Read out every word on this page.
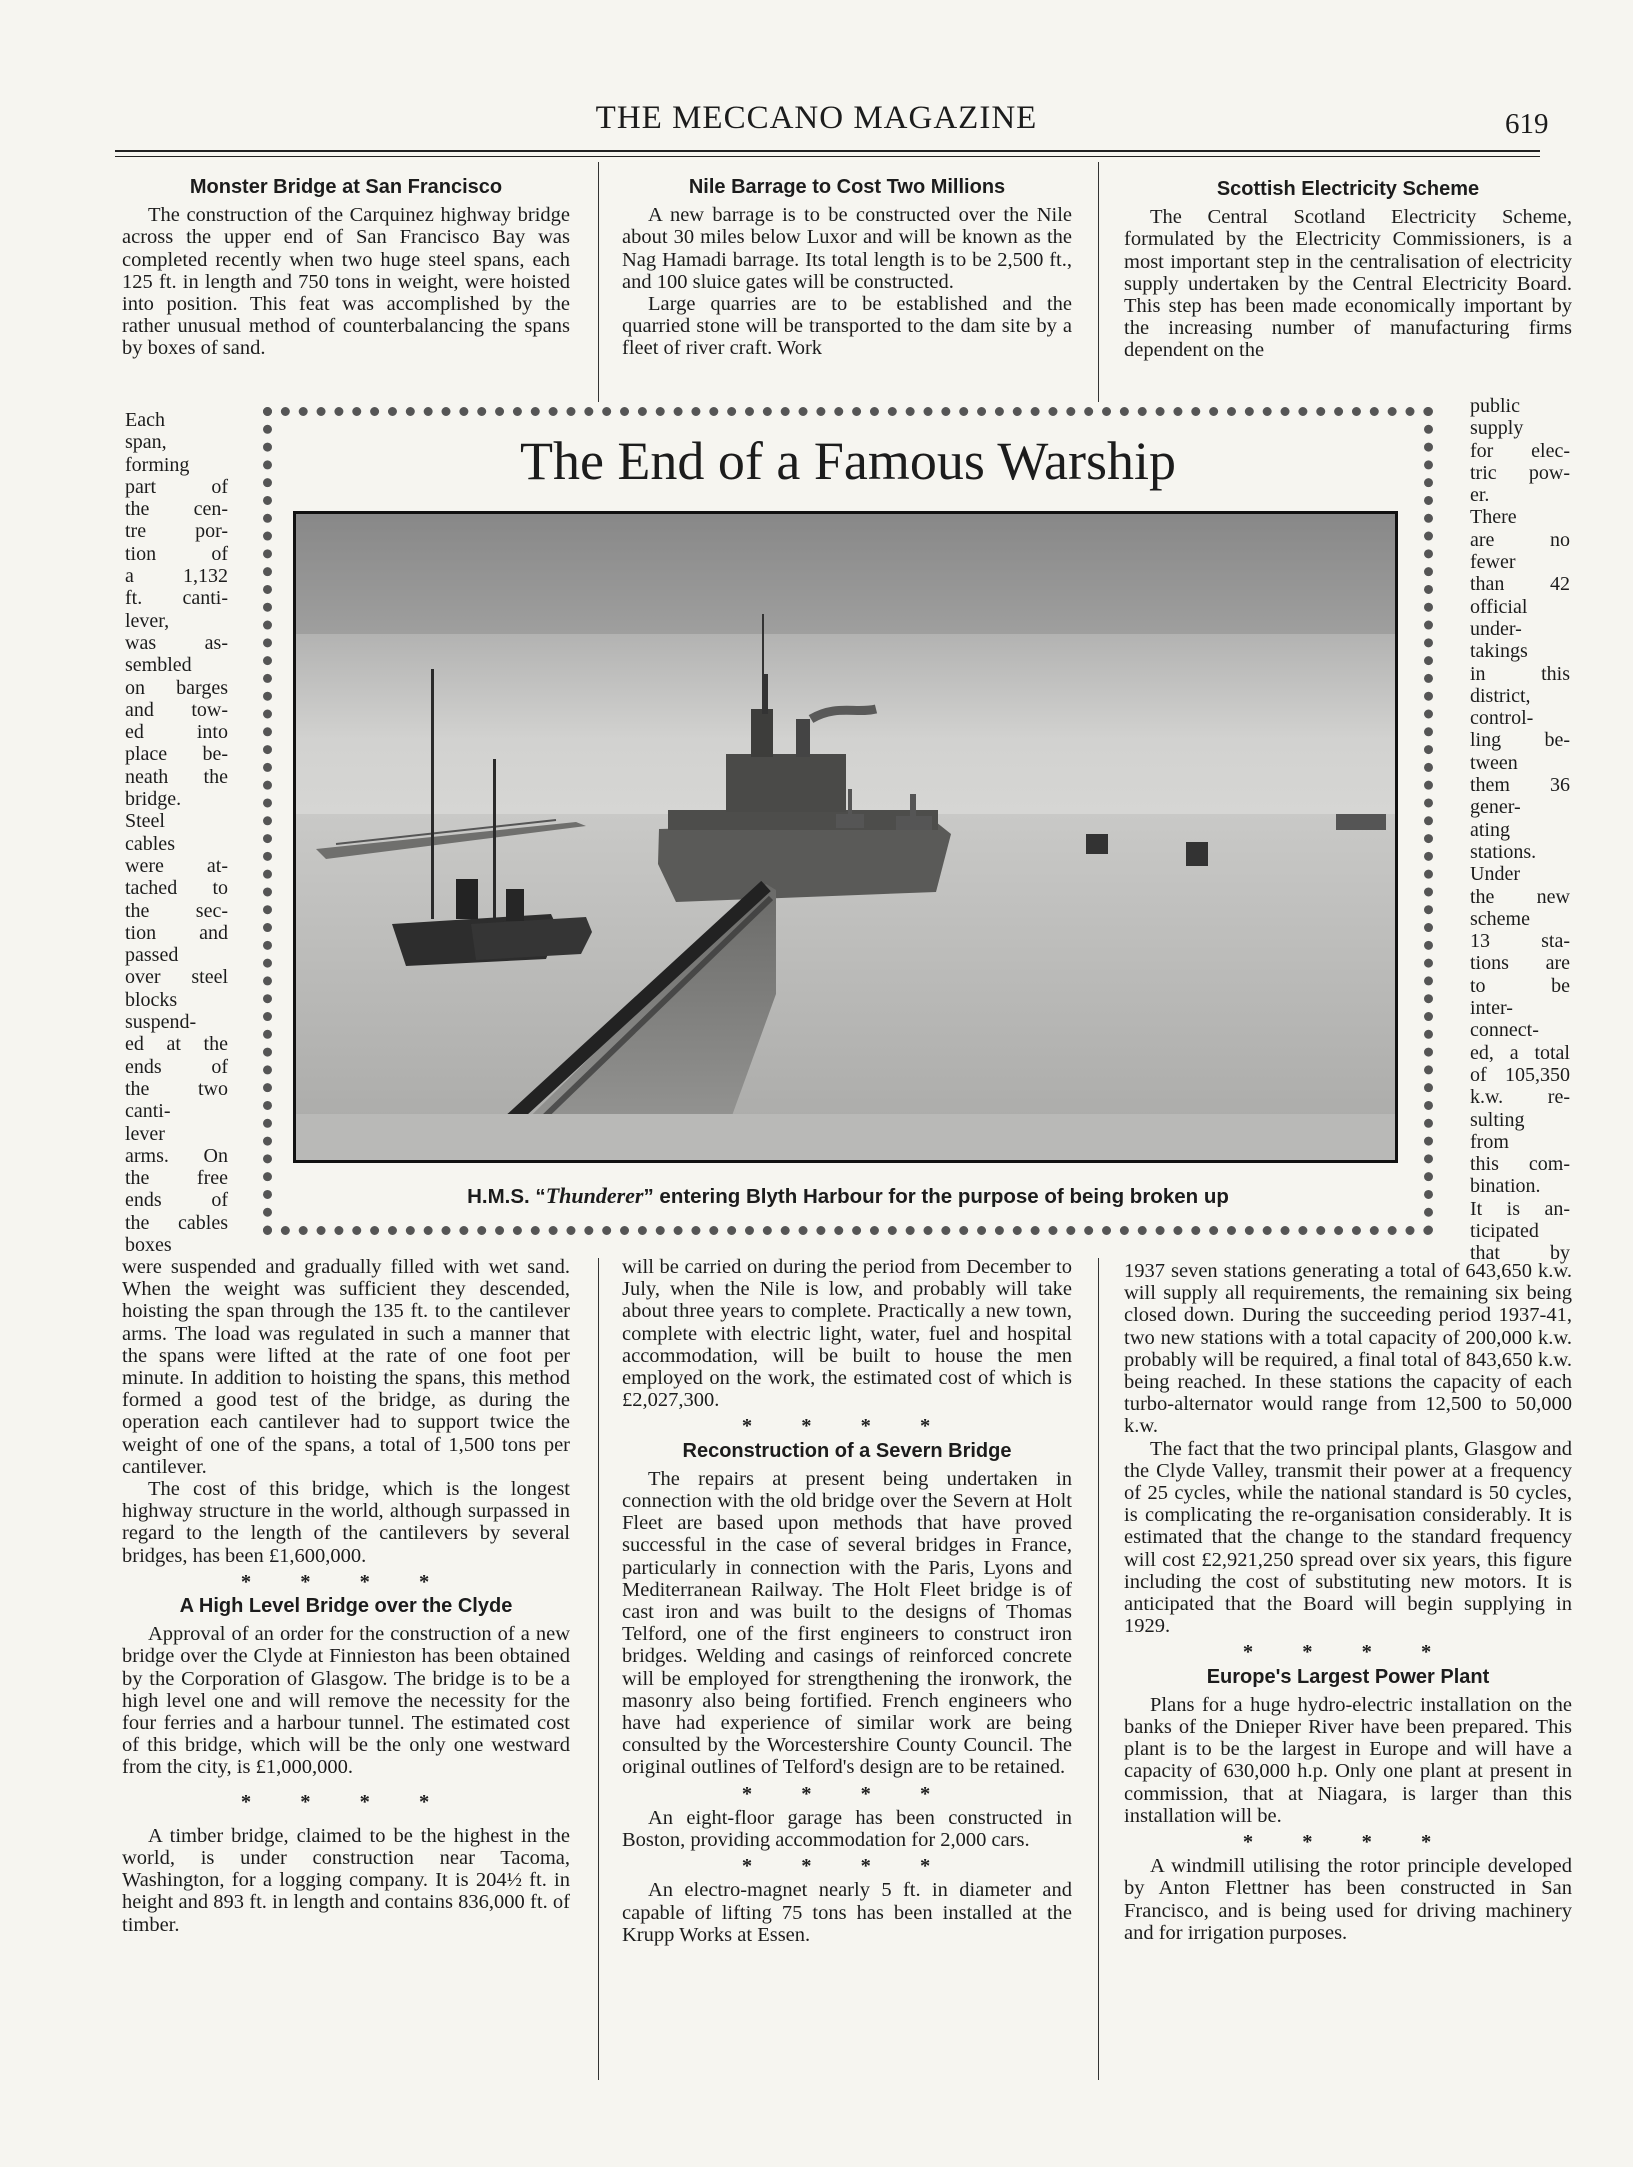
THE MECCANO MAGAZINE	619

Monster Bridge at San Francisco

The construction of the Carquinez highway bridge across the upper end of San Francisco Bay was completed recently when two huge steel spans, each 125 ft. in length and 750 tons in weight, were hoisted into position. This feat was accomplished by the rather unusual method of counterbalancing the spans by boxes of sand.

Each

span,

forming

part of

the cen-

tre por-

tion of

a 1,132

ft. canti-

lever,

was as-

sembled

on barges

and tow-

ed into

place be-

neath the

bridge.

Steel

cables

were at-

tached to

the sec-

tion and

passed

over steel

blocks

suspend-

ed at the

ends of

the two

canti-

lever

arms. On

the free

ends of

the cables

boxes

were suspended and gradually filled with wet sand. When the weight was sufficient they descended, hoisting the span through the 135 ft. to the cantilever arms. The load was regulated in such a manner that the spans were lifted at the rate of one foot per minute. In addition to hoisting the spans, this method formed a good test of the bridge, as during the operation each cantilever had to support twice the weight of one of the spans, a total of 1,500 tons per cantilever.

The cost of this bridge, which is the longest highway structure in the world, although surpassed in regard to the length of the cantilevers by several bridges, has been £1,600,000.

* * * *

A High Level Bridge over the Clyde

Approval of an order for the construction of a new bridge over the Clyde at Finnieston has been obtained by the Corporation of Glasgow. The bridge is to be a high level one and will remove the necessity for the four ferries and a harbour tunnel. The estimated cost of this bridge, which will be the only one westward from the city, is £1,000,000.

* * * *

A timber bridge, claimed to be the highest in the world, is under construction near Tacoma, Washington, for a logging company. It is 204½ ft. in height and 893 ft. in length and contains 836,000 ft. of timber.

Nile Barrage to Cost Two Millions

A new barrage is to be constructed over the Nile about 30 miles below Luxor and will be known as the Nag Hamadi barrage. Its total length is to be 2,500 ft., and 100 sluice gates will be constructed.

Large quarries are to be established and the quarried stone will be transported to the dam site by a fleet of river craft. Work

will be carried on during the period from December to July, when the Nile is low, and probably will take about three years to complete. Practically a new town, complete with electric light, water, fuel and hospital accommodation, will be built to house the men employed on the work, the estimated cost of which is £2,027,300.

* * * *

Reconstruction of a Severn Bridge

The repairs at present being undertaken in connection with the old bridge over the Severn at Holt Fleet are based upon methods that have proved successful in the case of several bridges in France, particularly in connection with the Paris, Lyons and Mediterranean Railway. The Holt Fleet bridge is of cast iron and was built to the designs of Thomas Telford, one of the first engineers to construct iron bridges. Welding and casings of reinforced concrete will be employed for strengthening the ironwork, the masonry also being fortified. French engineers who have had experience of similar work are being consulted by the Worcestershire County Council. The original outlines of Telford's design are to be retained.

* * * *

An eight-floor garage has been constructed in Boston, providing accommodation for 2,000 cars.

* * * *

An electro-magnet nearly 5 ft. in diameter and capable of lifting 75 tons has been installed at the Krupp Works at Essen.

Scottish Electricity Scheme

The Central Scotland Electricity Scheme, formulated by the Electricity Commissioners, is a most important step in the centralisation of electricity supply undertaken by the Central Electricity Board. This step has been made economically important by the increasing number of manufacturing firms dependent on the

public

supply

for elec-

tric pow-

er.

There

are no

fewer

than 42

official

under-

takings

in this

district,

control-

ling be-

tween

them 36

gener-

ating

stations.

Under

the new

scheme

13 sta-

tions are

to be

inter-

connect-

ed, a total

of 105,350

k.w. re-

sulting

from

this com-

bination.

It is an-

ticipated

that by

1937 seven stations generating a total of 643,650 k.w. will supply all requirements, the remaining six being closed down. During the succeeding period 1937-41, two new stations with a total capacity of 200,000 k.w. probably will be required, a final total of 843,650 k.w. being reached. In these stations the capacity of each turbo-alternator would range from 12,500 to 50,000 k.w.

The fact that the two principal plants, Glasgow and the Clyde Valley, transmit their power at a frequency of 25 cycles, while the national standard is 50 cycles, is complicating the re-organisation considerably. It is estimated that the change to the standard frequency will cost £2,921,250 spread over six years, this figure including the cost of substituting new motors. It is anticipated that the Board will begin supplying in 1929.

* * * *

Europe's Largest Power Plant

Plans for a huge hydro-electric installation on the banks of the Dnieper River have been prepared. This plant is to be the largest in Europe and will have a capacity of 630,000 h.p. Only one plant at present in commission, that at Niagara, is larger than this installation will be.

* * * *

A windmill utilising the rotor principle developed by Anton Flettner has been constructed in San Francisco, and is being used for driving machinery and for irrigation purposes.

The End of a Famous Warship
H.M.S. “Thunderer” entering Blyth Harbour for the purpose of being broken up
